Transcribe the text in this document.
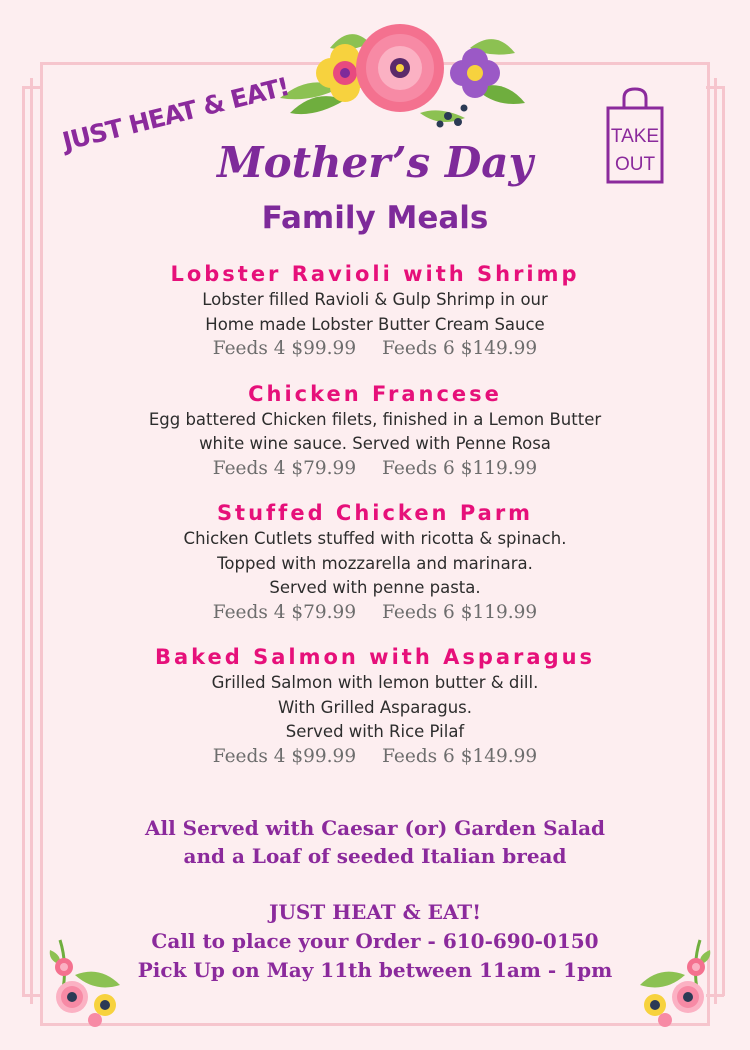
JUST HEAT & EAT!	TAKE
OUT
Mother’s Day
Family Meals
Lobster Ravioli with Shrimp
Lobster filled Ravioli & Gulp Shrimp in our
Home made Lobster Butter Cream Sauce
Feeds 4 $99.99 Feeds 6 $149.99
Chicken Francese
Egg battered Chicken filets, finished in a Lemon Butter
white wine sauce. Served with Penne Rosa
Feeds 4 $79.99 Feeds 6 $119.99
Stuffed Chicken Parm
Chicken Cutlets stuffed with ricotta & spinach.
Topped with mozzarella and marinara.
Served with penne pasta.
Feeds 4 $79.99 Feeds 6 $119.99
Baked Salmon with Asparagus
Grilled Salmon with lemon butter & dill.
With Grilled Asparagus.
Served with Rice Pilaf
Feeds 4 $99.99 Feeds 6 $149.99
All Served with Caesar (or) Garden Salad
and a Loaf of seeded Italian bread
JUST HEAT & EAT!
Call to place your Order - 610-690-0150
Pick Up on May 11th between 11am - 1pm
